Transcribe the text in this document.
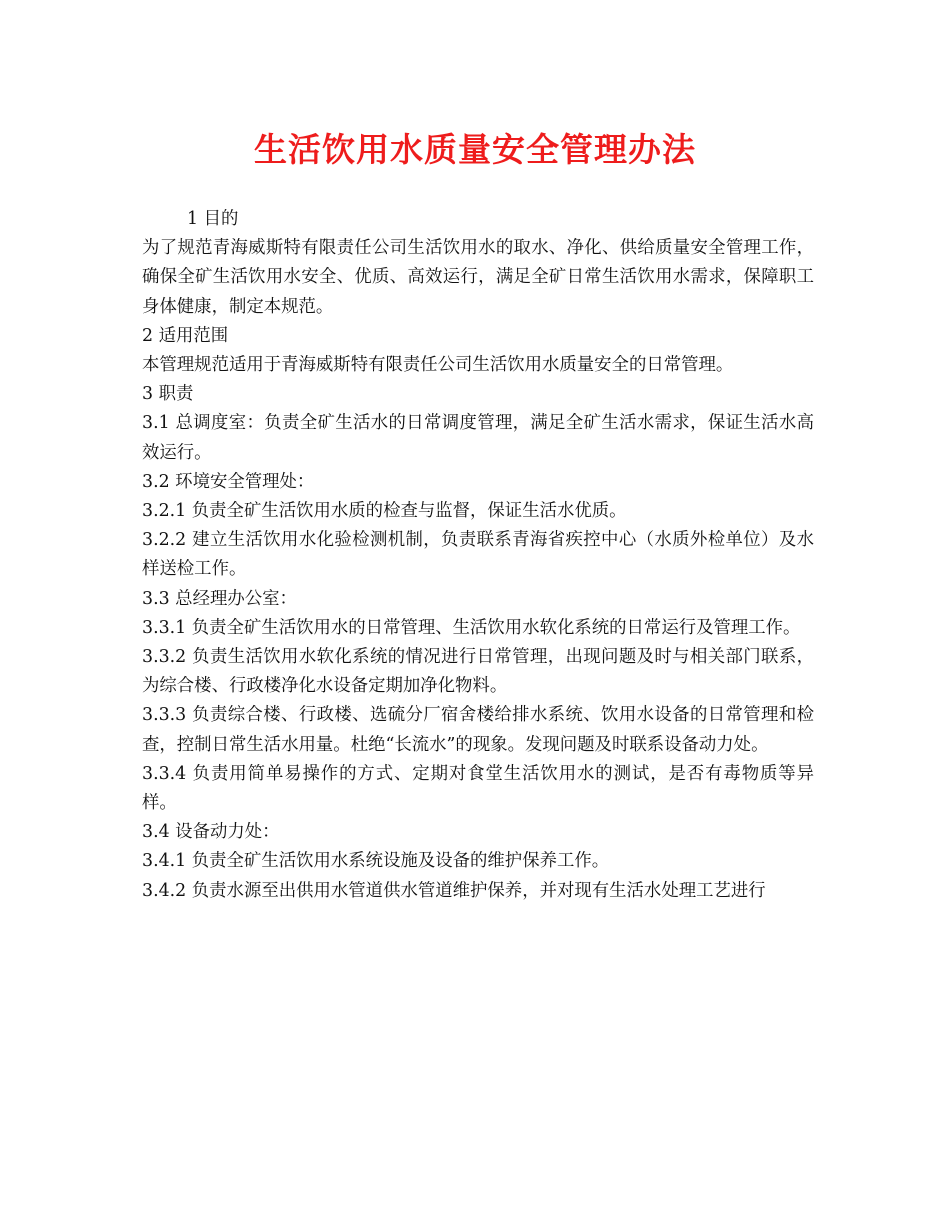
生活饮用水质量安全管理办法

1 目的

为了规范青海威斯特有限责任公司生活饮用水的取水、净化、供给质量安全管理工作，确保全矿生活饮用水安全、优质、高效运行，满足全矿日常生活饮用水需求，保障职工身体健康，制定本规范。

2 适用范围

本管理规范适用于青海威斯特有限责任公司生活饮用水质量安全的日常管理。

3 职责

3.1 总调度室：负责全矿生活水的日常调度管理，满足全矿生活水需求，保证生活水高效运行。

3.2 环境安全管理处：

3.2.1 负责全矿生活饮用水质的检查与监督，保证生活水优质。

3.2.2 建立生活饮用水化验检测机制，负责联系青海省疾控中心（水质外检单位）及水样送检工作。

3.3 总经理办公室：

3.3.1 负责全矿生活饮用水的日常管理、生活饮用水软化系统的日常运行及管理工作。

3.3.2 负责生活饮用水软化系统的情况进行日常管理，出现问题及时与相关部门联系，为综合楼、行政楼净化水设备定期加净化物料。

3.3.3 负责综合楼、行政楼、选硫分厂宿舍楼给排水系统、饮用水设备的日常管理和检查，控制日常生活水用量。杜绝“长流水”的现象。发现问题及时联系设备动力处。

3.3.4 负责用简单易操作的方式、定期对食堂生活饮用水的测试，是否有毒物质等异样。

3.4 设备动力处：

3.4.1 负责全矿生活饮用水系统设施及设备的维护保养工作。

3.4.2 负责水源至出供用水管道供水管道维护保养，并对现有生活水处理工艺进行
